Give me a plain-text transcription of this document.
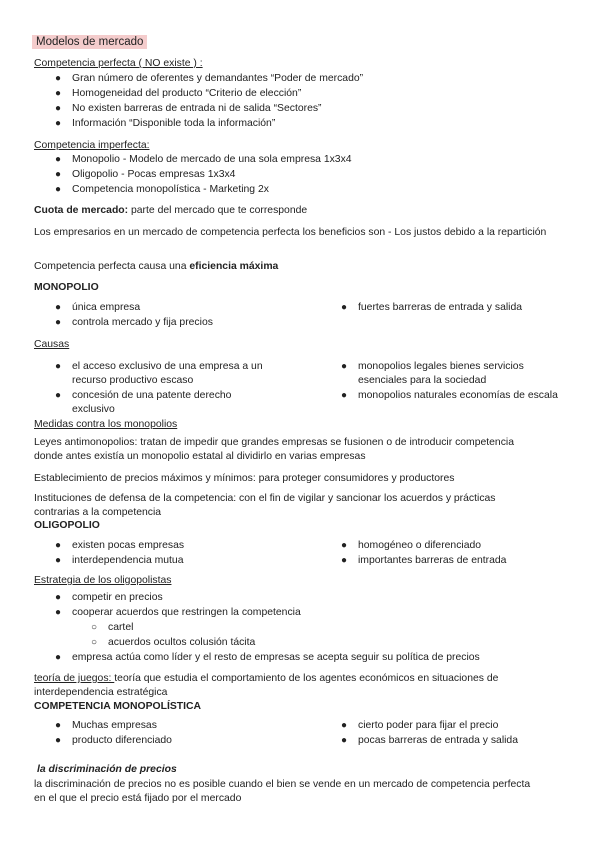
Modelos de mercado
Competencia perfecta ( NO existe ) :
● Gran número de oferentes y demandantes “Poder de mercado”
● Homogeneidad del producto “Criterio de elección”
● No existen barreras de entrada ni de salida “Sectores”
● Información “Disponible toda la información”
Competencia imperfecta:
● Monopolio - Modelo de mercado de una sola empresa 1x3x4
● Oligopolio - Pocas empresas 1x3x4
● Competencia monopolística - Marketing 2x
Cuota de mercado: parte del mercado que te corresponde
Los empresarios en un mercado de competencia perfecta los beneficios son - Los justos debido a la repartición
Competencia perfecta causa una eficiencia máxima
MONOPOLIO
● única empresa
● controla mercado y fija precios
● fuertes barreras de entrada y salida
Causas
● el acceso exclusivo de una empresa a un
recurso productivo escaso
● concesión de una patente derecho
exclusivo
● monopolios legales bienes servicios
esenciales para la sociedad
● monopolios naturales economías de escala
Medidas contra los monopolios
Leyes antimonopolios: tratan de impedir que grandes empresas se fusionen o de introducir competencia
donde antes existía un monopolio estatal al dividirlo en varias empresas
Establecimiento de precios máximos y mínimos: para proteger consumidores y productores
Instituciones de defensa de la competencia: con el fin de vigilar y sancionar los acuerdos y prácticas
contrarias a la competencia
OLIGOPOLIO
● existen pocas empresas
● interdependencia mutua
● homogéneo o diferenciado
● importantes barreras de entrada
Estrategia de los oligopolistas
● competir en precios
● cooperar acuerdos que restringen la competencia
○ cartel
○ acuerdos ocultos colusión tácita
● empresa actúa como líder y el resto de empresas se acepta seguir su política de precios
teoría de juegos: teoría que estudia el comportamiento de los agentes económicos en situaciones de
interdependencia estratégica
COMPETENCIA MONOPOLÍSTICA
● Muchas empresas
● producto diferenciado
● cierto poder para fijar el precio
● pocas barreras de entrada y salida
la discriminación de precios
la discriminación de precios no es posible cuando el bien se vende en un mercado de competencia perfecta
en el que el precio está fijado por el mercado
